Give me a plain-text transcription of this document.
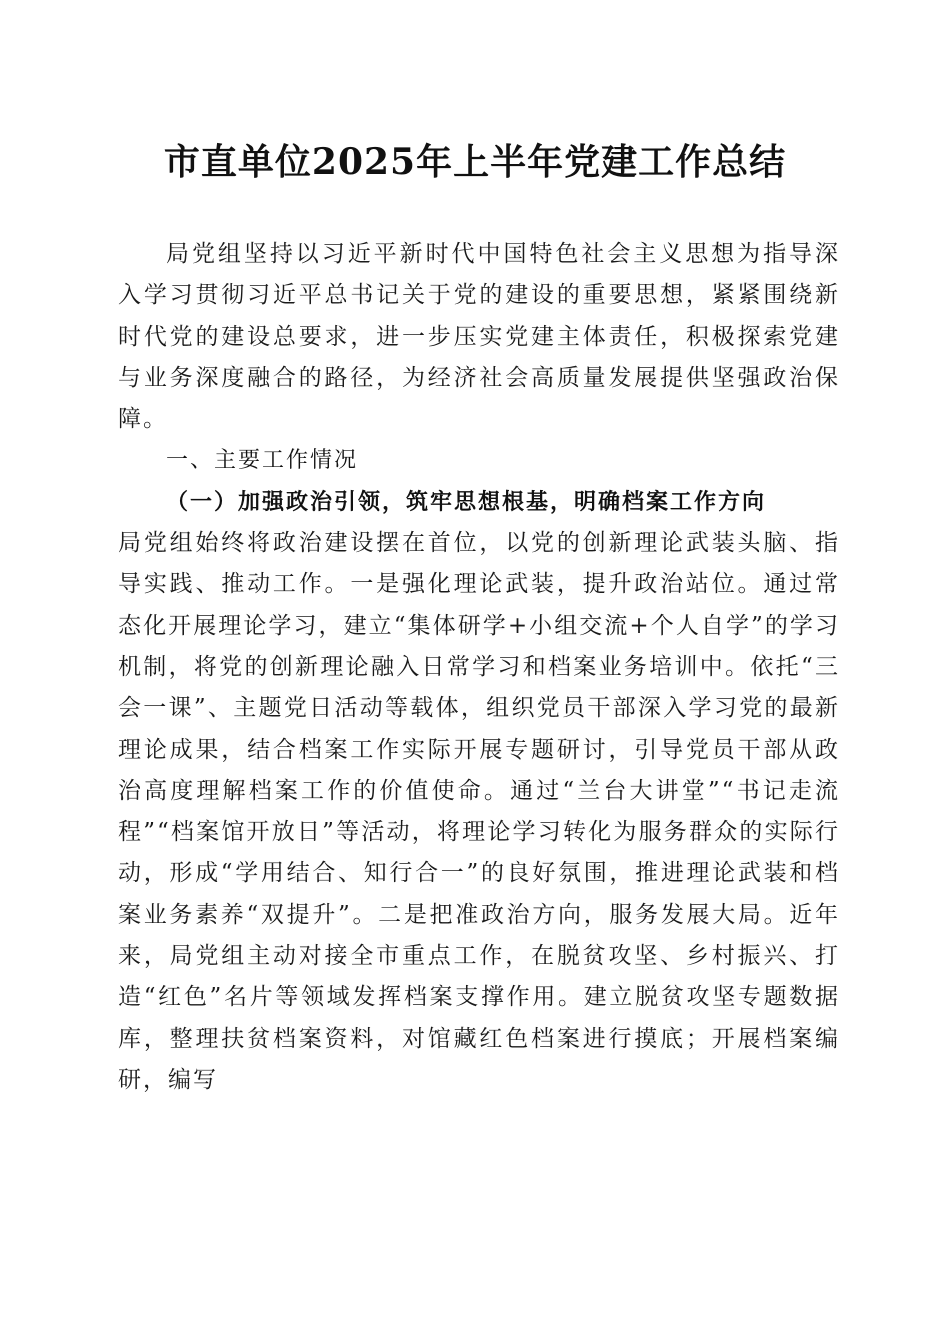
市直单位2025年上半年党建工作总结

局党组坚持以习近平新时代中国特色社会主义思想为指导深入学习贯彻习近平总书记关于党的建设的重要思想，紧紧围绕新时代党的建设总要求，进一步压实党建主体责任，积极探索党建与业务深度融合的路径，为经济社会高质量发展提供坚强政治保障。

一、主要工作情况

（一）加强政治引领，筑牢思想根基，明确档案工作方向

局党组始终将政治建设摆在首位，以党的创新理论武装头脑、指导实践、推动工作。一是强化理论武装，提升政治站位。通过常态化开展理论学习，建立“集体研学+小组交流+个人自学”的学习机制，将党的创新理论融入日常学习和档案业务培训中。依托“三会一课”、主题党日活动等载体，组织党员干部深入学习党的最新理论成果，结合档案工作实际开展专题研讨，引导党员干部从政治高度理解档案工作的价值使命。通过“兰台大讲堂”“书记走流程”“档案馆开放日”等活动，将理论学习转化为服务群众的实际行动，形成“学用结合、知行合一”的良好氛围，推进理论武装和档案业务素养“双提升”。二是把准政治方向，服务发展大局。近年来，局党组主动对接全市重点工作，在脱贫攻坚、乡村振兴、打造“红色”名片等领域发挥档案支撑作用。建立脱贫攻坚专题数据库，整理扶贫档案资料，对馆藏红色档案进行摸底；开展档案编研，编写
